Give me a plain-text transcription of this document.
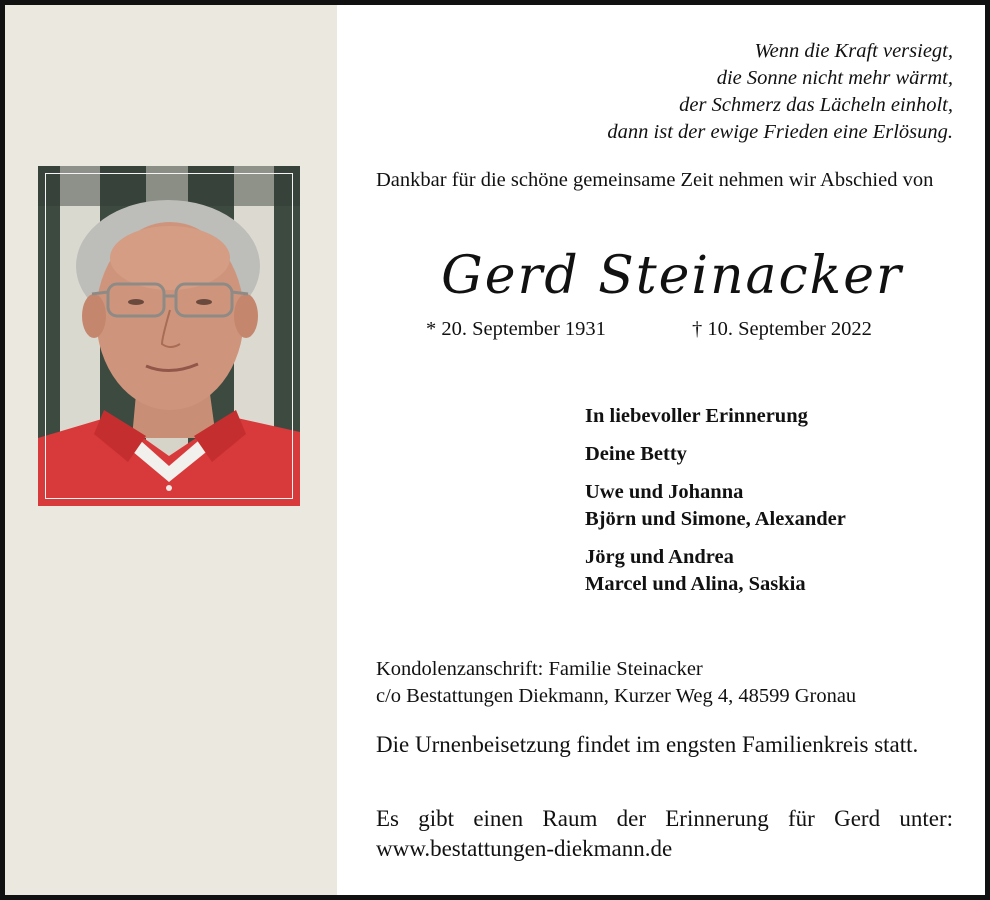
Wenn die Kraft versiegt,
die Sonne nicht mehr wärmt,
der Schmerz das Lächeln einholt,
dann ist der ewige Frieden eine Erlösung.
Dankbar für die schöne gemeinsame Zeit nehmen wir Abschied von
Gerd Steinacker
* 20. September 1931	† 10. September 2022
In liebevoller Erinnerung
Deine Betty
Uwe und Johanna
Björn und Simone, Alexander
Jörg und Andrea
Marcel und Alina, Saskia
Kondolenzanschrift: Familie Steinacker
c/o Bestattungen Diekmann, Kurzer Weg 4, 48599 Gronau
Die Urnenbeisetzung findet im engsten Familienkreis statt.
Es gibt einen Raum der Erinnerung für Gerd unter: www.bestattungen-diekmann.de
